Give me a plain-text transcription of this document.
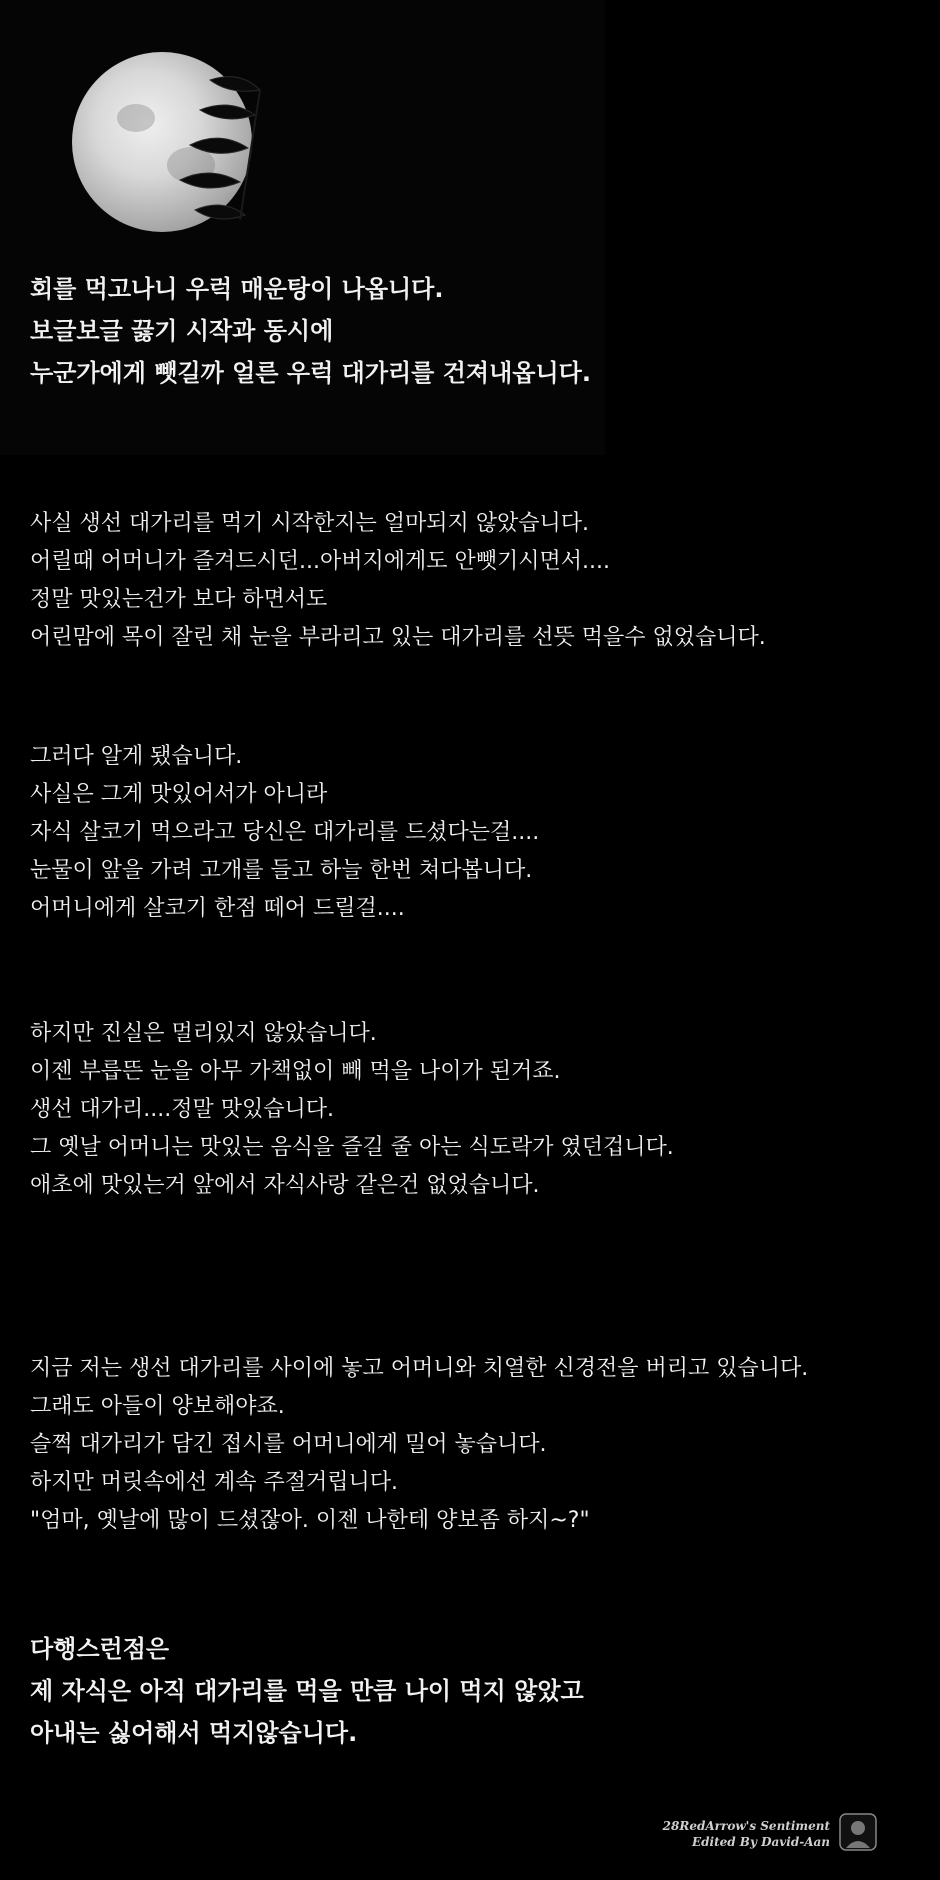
회를 먹고나니 우럭 매운탕이 나옵니다.
보글보글 끓기 시작과 동시에
누군가에게 뺏길까 얼른 우럭 대가리를 건져내옵니다.
사실 생선 대가리를 먹기 시작한지는 얼마되지 않았습니다.
어릴때 어머니가 즐겨드시던...아버지에게도 안뺏기시면서....
정말 맛있는건가 보다 하면서도
어린맘에 목이 잘린 채 눈을 부라리고 있는 대가리를 선뜻 먹을수 없었습니다.
그러다 알게 됐습니다.
사실은 그게 맛있어서가 아니라
자식 살코기 먹으라고 당신은 대가리를 드셨다는걸....
눈물이 앞을 가려 고개를 들고 하늘 한번 쳐다봅니다.
어머니에게 살코기 한점 떼어 드릴걸....
하지만 진실은 멀리있지 않았습니다.
이젠 부릅뜬 눈을 아무 가책없이 빼 먹을 나이가 된거죠.
생선 대가리....정말 맛있습니다.
그 옛날 어머니는 맛있는 음식을 즐길 줄 아는 식도락가 였던겁니다.
애초에 맛있는거 앞에서 자식사랑 같은건 없었습니다.
지금 저는 생선 대가리를 사이에 놓고 어머니와 치열한 신경전을 버리고 있습니다.
그래도 아들이 양보해야죠.
슬쩍 대가리가 담긴 접시를 어머니에게 밀어 놓습니다.
하지만 머릿속에선 계속 주절거립니다.
"엄마, 옛날에 많이 드셨잖아. 이젠 나한테 양보좀 하지~?"
다행스런점은
제 자식은 아직 대가리를 먹을 만큼 나이 먹지 않았고
아내는 싫어해서 먹지않습니다.
28RedArrow's Sentiment
Edited By David-Aan
